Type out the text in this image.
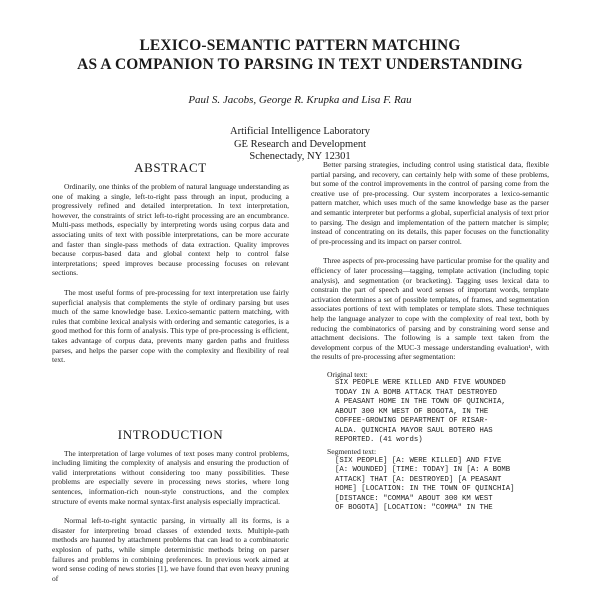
LEXICO-SEMANTIC PATTERN MATCHING
AS A COMPANION TO PARSING IN TEXT UNDERSTANDING
Paul S. Jacobs, George R. Krupka and Lisa F. Rau
Artificial Intelligence Laboratory
GE Research and Development
Schenectady, NY 12301
ABSTRACT

Ordinarily, one thinks of the problem of natural language understanding as one of making a single, left-to-right pass through an input, producing a progressively refined and detailed interpretation. In text interpretation, however, the constraints of strict left-to-right processing are an encumbrance. Multi-pass methods, especially by interpreting words using corpus data and associating units of text with possible interpretations, can be more accurate and faster than single-pass methods of data extraction. Quality improves because corpus-based data and global context help to control false interpretations; speed improves because processing focuses on relevant sections.

The most useful forms of pre-processing for text interpretation use fairly superficial analysis that complements the style of ordinary parsing but uses much of the same knowledge base. Lexico-semantic pattern matching, with rules that combine lexical analysis with ordering and semantic categories, is a good method for this form of analysis. This type of pre-processing is efficient, takes advantage of corpus data, prevents many garden paths and fruitless parses, and helps the parser cope with the complexity and flexibility of real text.

INTRODUCTION

The interpretation of large volumes of text poses many control problems, including limiting the complexity of analysis and ensuring the production of valid interpretations without considering too many possibilities. These problems are especially severe in processing news stories, where long sentences, information-rich noun-style constructions, and the complex structure of events make normal syntax-first analysis especially impractical.

Normal left-to-right syntactic parsing, in virtually all its forms, is a disaster for interpreting broad classes of extended texts. Multiple-path methods are haunted by attachment problems that can lead to a combinatoric explosion of paths, while simple deterministic methods bring on parser failures and problems in combining preferences. In previous work aimed at word sense coding of news stories [1], we have found that even heavy pruning of

Better parsing strategies, including control using statistical data, flexible partial parsing, and recovery, can certainly help with some of these problems, but some of the control improvements in the control of parsing come from the creative use of pre-processing. Our system incorporates a lexico-semantic pattern matcher, which uses much of the same knowledge base as the parser and semantic interpreter but performs a global, superficial analysis of text prior to parsing. The design and implementation of the pattern matcher is simple; instead of concentrating on its details, this paper focuses on the functionality of pre-processing and its impact on parser control.

Three aspects of pre-processing have particular promise for the quality and efficiency of later processing—tagging, template activation (including topic analysis), and segmentation (or bracketing). Tagging uses lexical data to constrain the part of speech and word senses of important words, template activation determines a set of possible templates, of frames, and segmentation associates portions of text with templates or template slots. These techniques help the language analyzer to cope with the complexity of real text, both by reducing the combinatorics of parsing and by constraining word sense and attachment decisions. The following is a sample text taken from the development corpus of the MUC-3 message understanding evaluation¹, with the results of pre-processing after segmentation:

Original text:
SIX PEOPLE WERE KILLED AND FIVE WOUNDED
TODAY IN A BOMB ATTACK THAT DESTROYED
A PEASANT HOME IN THE TOWN OF QUINCHIA,
ABOUT 300 KM WEST OF BOGOTA, IN THE
COFFEE-GROWING DEPARTMENT OF RISAR-
ALDA. QUINCHIA MAYOR SAUL BOTERO HAS
REPORTED. (41 words)
Segmented text:
[SIX PEOPLE] [A: WERE KILLED] AND FIVE
[A: WOUNDED] [TIME: TODAY] IN [A: A BOMB
ATTACK] THAT [A: DESTROYED] [A PEASANT
HOME] [LOCATION: IN THE TOWN OF QUINCHIA]
[DISTANCE: "COMMA" ABOUT 300 KM WEST
OF BOGOTA] [LOCATION: "COMMA" IN THE
